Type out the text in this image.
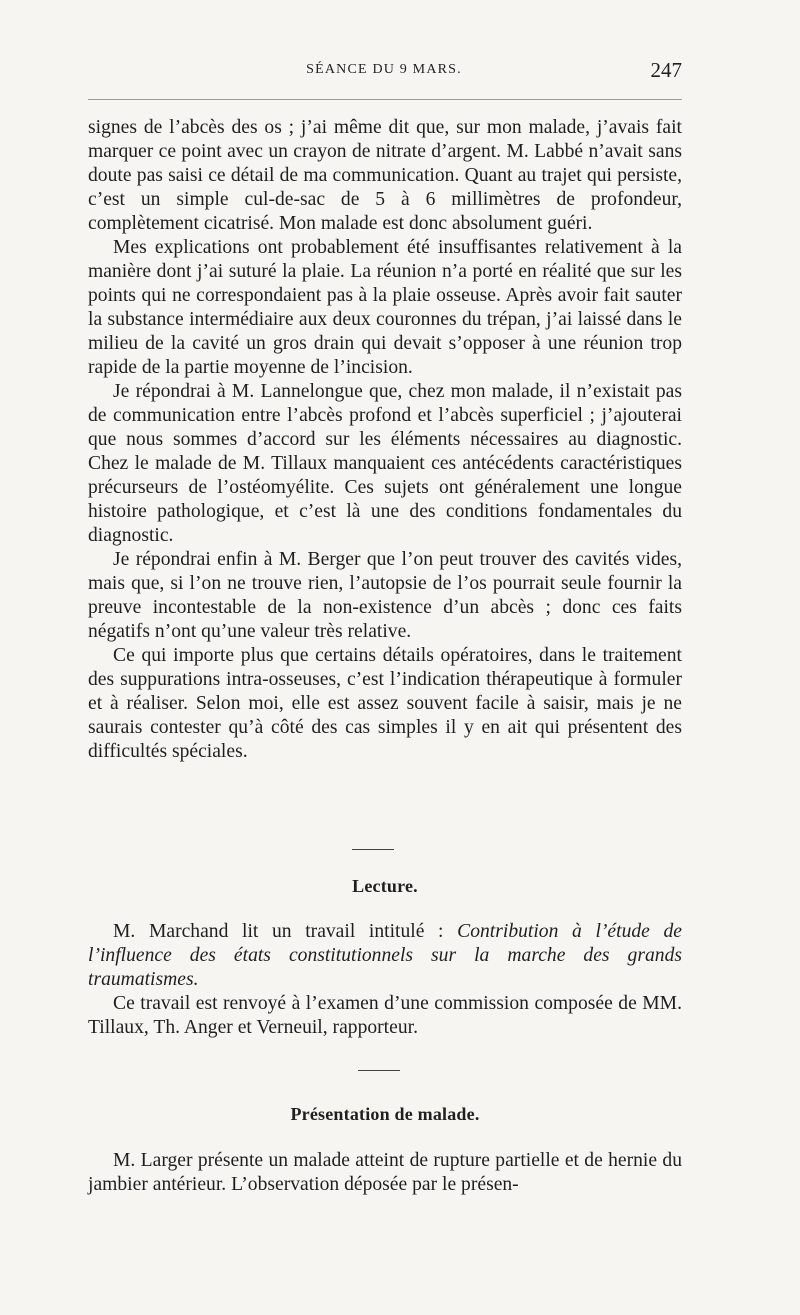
SÉANCE DU 9 MARS.	247

signes de l’abcès des os ; j’ai même dit que, sur mon malade, j’avais fait marquer ce point avec un crayon de nitrate d’argent. M. Labbé n’avait sans doute pas saisi ce détail de ma communication. Quant au trajet qui persiste, c’est un simple cul-de-sac de 5 à 6 millimètres de profondeur, complètement cicatrisé. Mon malade est donc absolument guéri.

Mes explications ont probablement été insuffisantes relativement à la manière dont j’ai suturé la plaie. La réunion n’a porté en réalité que sur les points qui ne correspondaient pas à la plaie osseuse. Après avoir fait sauter la substance intermédiaire aux deux couronnes du trépan, j’ai laissé dans le milieu de la cavité un gros drain qui devait s’opposer à une réunion trop rapide de la partie moyenne de l’incision.

Je répondrai à M. Lannelongue que, chez mon malade, il n’existait pas de communication entre l’abcès profond et l’abcès superficiel ; j’ajouterai que nous sommes d’accord sur les éléments nécessaires au diagnostic. Chez le malade de M. Tillaux manquaient ces antécédents caractéristiques précurseurs de l’ostéomyélite. Ces sujets ont généralement une longue histoire pathologique, et c’est là une des conditions fondamentales du diagnostic.

Je répondrai enfin à M. Berger que l’on peut trouver des cavités vides, mais que, si l’on ne trouve rien, l’autopsie de l’os pourrait seule fournir la preuve incontestable de la non-existence d’un abcès ; donc ces faits négatifs n’ont qu’une valeur très relative.

Ce qui importe plus que certains détails opératoires, dans le traitement des suppurations intra-osseuses, c’est l’indication thérapeutique à formuler et à réaliser. Selon moi, elle est assez souvent facile à saisir, mais je ne saurais contester qu’à côté des cas simples il y en ait qui présentent des difficultés spéciales.

Lecture.

M. Marchand lit un travail intitulé : Contribution à l’étude de l’influence des états constitutionnels sur la marche des grands traumatismes.

Ce travail est renvoyé à l’examen d’une commission composée de MM. Tillaux, Th. Anger et Verneuil, rapporteur.

Présentation de malade.

M. Larger présente un malade atteint de rupture partielle et de hernie du jambier antérieur. L’observation déposée par le présen-
